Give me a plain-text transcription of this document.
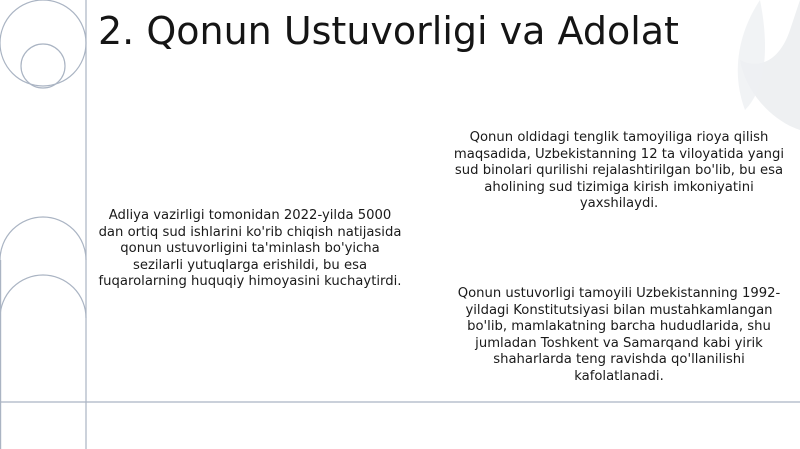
2. Qonun Ustuvorligi va Adolat

Adliya vazirligi tomonidan 2022-yilda 5000 dan ortiq sud ishlarini ko'rib chiqish natijasida qonun ustuvorligini ta'minlash bo'yicha sezilarli yutuqlarga erishildi, bu esa fuqarolarning huquqiy himoyasini kuchaytirdi.

Qonun oldidagi tenglik tamoyiliga rioya qilish maqsadida, Uzbekistanning 12 ta viloyatida yangi sud binolari qurilishi rejalashtirilgan bo'lib, bu esa aholining sud tizimiga kirish imkoniyatini yaxshilaydi.

Qonun ustuvorligi tamoyili Uzbekistanning 1992-yildagi Konstitutsiyasi bilan mustahkamlangan bo'lib, mamlakatning barcha hududlarida, shu jumladan Toshkent va Samarqand kabi yirik shaharlarda teng ravishda qo'llanilishi kafolatlanadi.
